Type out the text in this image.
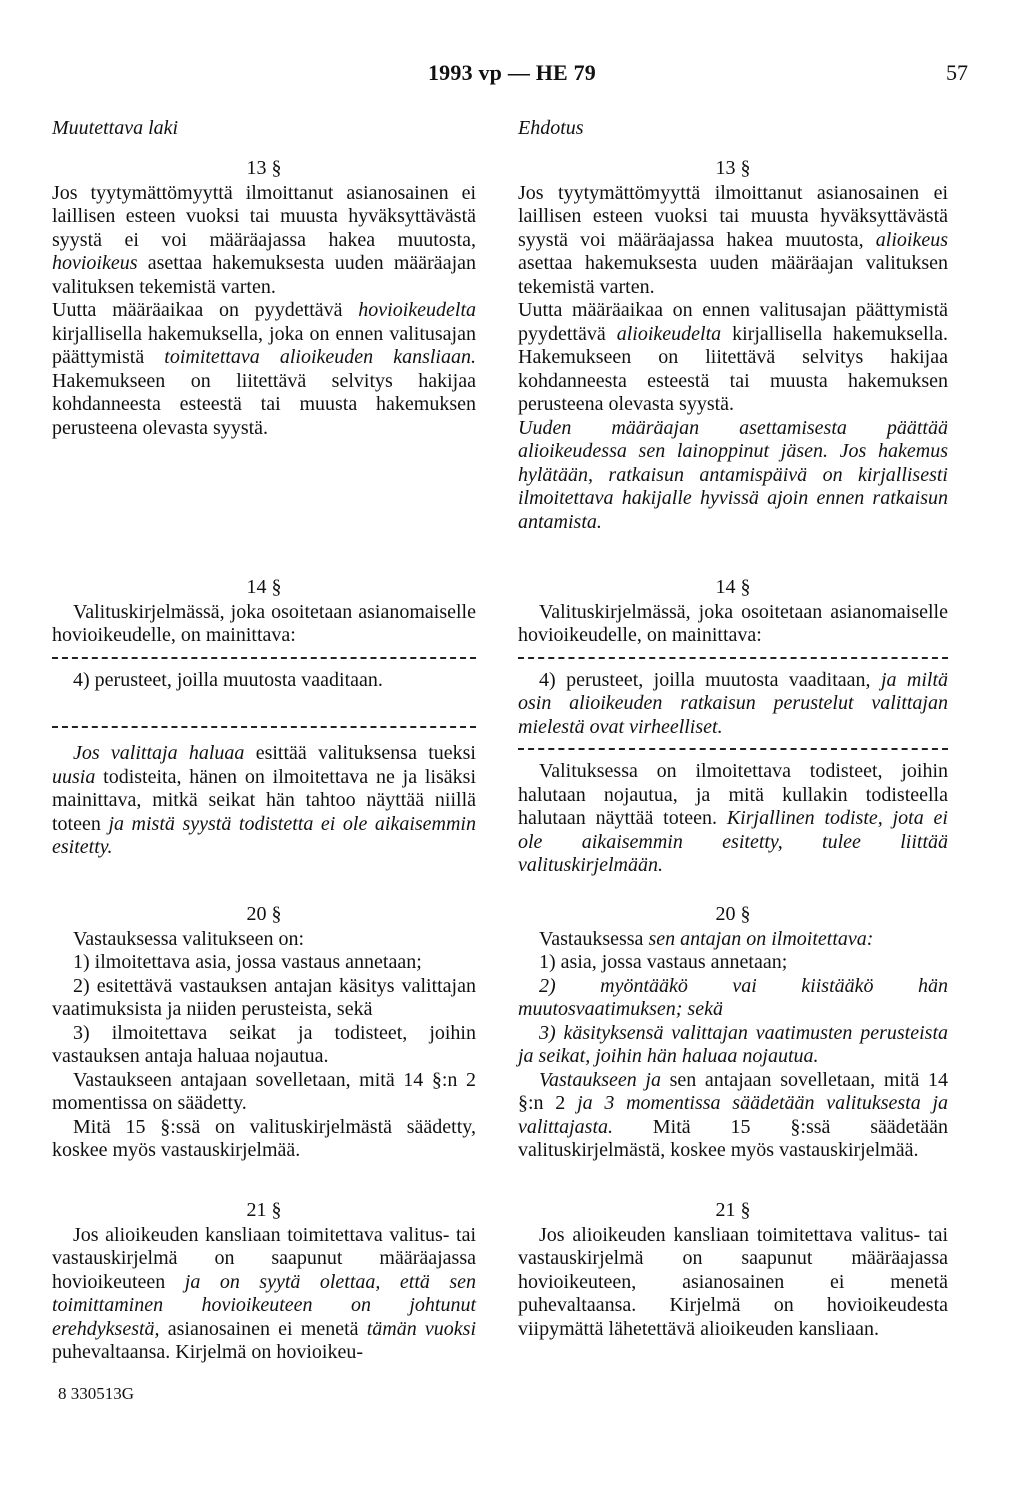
1993 vp — HE 79	57
Muutettava laki	Ehdotus
13 §

Jos tyytymättömyyttä ilmoittanut asianosainen ei laillisen esteen vuoksi tai muusta hyväksyttävästä syystä ei voi määräajassa hakea muutosta, hovioikeus asettaa hakemuksesta uuden määräajan valituksen tekemistä varten.

Uutta määräaikaa on pyydettävä hovioikeudelta kirjallisella hakemuksella, joka on ennen valitusajan päättymistä toimitettava alioikeuden kansliaan. Hakemukseen on liitettävä selvitys hakijaa kohdanneesta esteestä tai muusta hakemuksen perusteena olevasta syystä.

14 §

Valituskirjelmässä, joka osoitetaan asianomaiselle hovioikeudelle, on mainittava:

4) perusteet, joilla muutosta vaaditaan.

Jos valittaja haluaa esittää valituksensa tueksi uusia todisteita, hänen on ilmoitettava ne ja lisäksi mainittava, mitkä seikat hän tahtoo näyttää niillä toteen ja mistä syystä todistetta ei ole aikaisemmin esitetty.

20 §

Vastauksessa valitukseen on:

1) ilmoitettava asia, jossa vastaus annetaan;

2) esitettävä vastauksen antajan käsitys valittajan vaatimuksista ja niiden perusteista, sekä

3) ilmoitettava seikat ja todisteet, joihin vastauksen antaja haluaa nojautua.

Vastaukseen antajaan sovelletaan, mitä 14 §:n 2 momentissa on säädetty.

Mitä 15 §:ssä on valituskirjelmästä säädetty, koskee myös vastauskirjelmää.

21 §

Jos alioikeuden kansliaan toimitettava valitus- tai vastauskirjelmä on saapunut määräajassa hovioikeuteen ja on syytä olettaa, että sen toimittaminen hovioikeuteen on johtunut erehdyksestä, asianosainen ei menetä tämän vuoksi puhevaltaansa. Kirjelmä on hovioikeu-

13 §

Jos tyytymättömyyttä ilmoittanut asianosainen ei laillisen esteen vuoksi tai muusta hyväksyttävästä syystä voi määräajassa hakea muutosta, alioikeus asettaa hakemuksesta uuden määräajan valituksen tekemistä varten.

Uutta määräaikaa on ennen valitusajan päättymistä pyydettävä alioikeudelta kirjallisella hakemuksella. Hakemukseen on liitettävä selvitys hakijaa kohdanneesta esteestä tai muusta hakemuksen perusteena olevasta syystä.

Uuden määräajan asettamisesta päättää alioikeudessa sen lainoppinut jäsen. Jos hakemus hylätään, ratkaisun antamispäivä on kirjallisesti ilmoitettava hakijalle hyvissä ajoin ennen ratkaisun antamista.

14 §

Valituskirjelmässä, joka osoitetaan asianomaiselle hovioikeudelle, on mainittava:

4) perusteet, joilla muutosta vaaditaan, ja miltä osin alioikeuden ratkaisun perustelut valittajan mielestä ovat virheelliset.

Valituksessa on ilmoitettava todisteet, joihin halutaan nojautua, ja mitä kullakin todisteella halutaan näyttää toteen. Kirjallinen todiste, jota ei ole aikaisemmin esitetty, tulee liittää valituskirjelmään.

20 §

Vastauksessa sen antajan on ilmoitettava:

1) asia, jossa vastaus annetaan;

2) myöntääkö vai kiistääkö hän muutosvaatimuksen; sekä

3) käsityksensä valittajan vaatimusten perusteista ja seikat, joihin hän haluaa nojautua.

Vastaukseen ja sen antajaan sovelletaan, mitä 14 §:n 2 ja 3 momentissa säädetään valituksesta ja valittajasta. Mitä 15 §:ssä säädetään valituskirjelmästä, koskee myös vastauskirjelmää.

21 §

Jos alioikeuden kansliaan toimitettava valitus- tai vastauskirjelmä on saapunut määräajassa hovioikeuteen, asianosainen ei menetä puhevaltaansa. Kirjelmä on hovioikeudesta viipymättä lähetettävä alioikeuden kansliaan.

8 330513G
